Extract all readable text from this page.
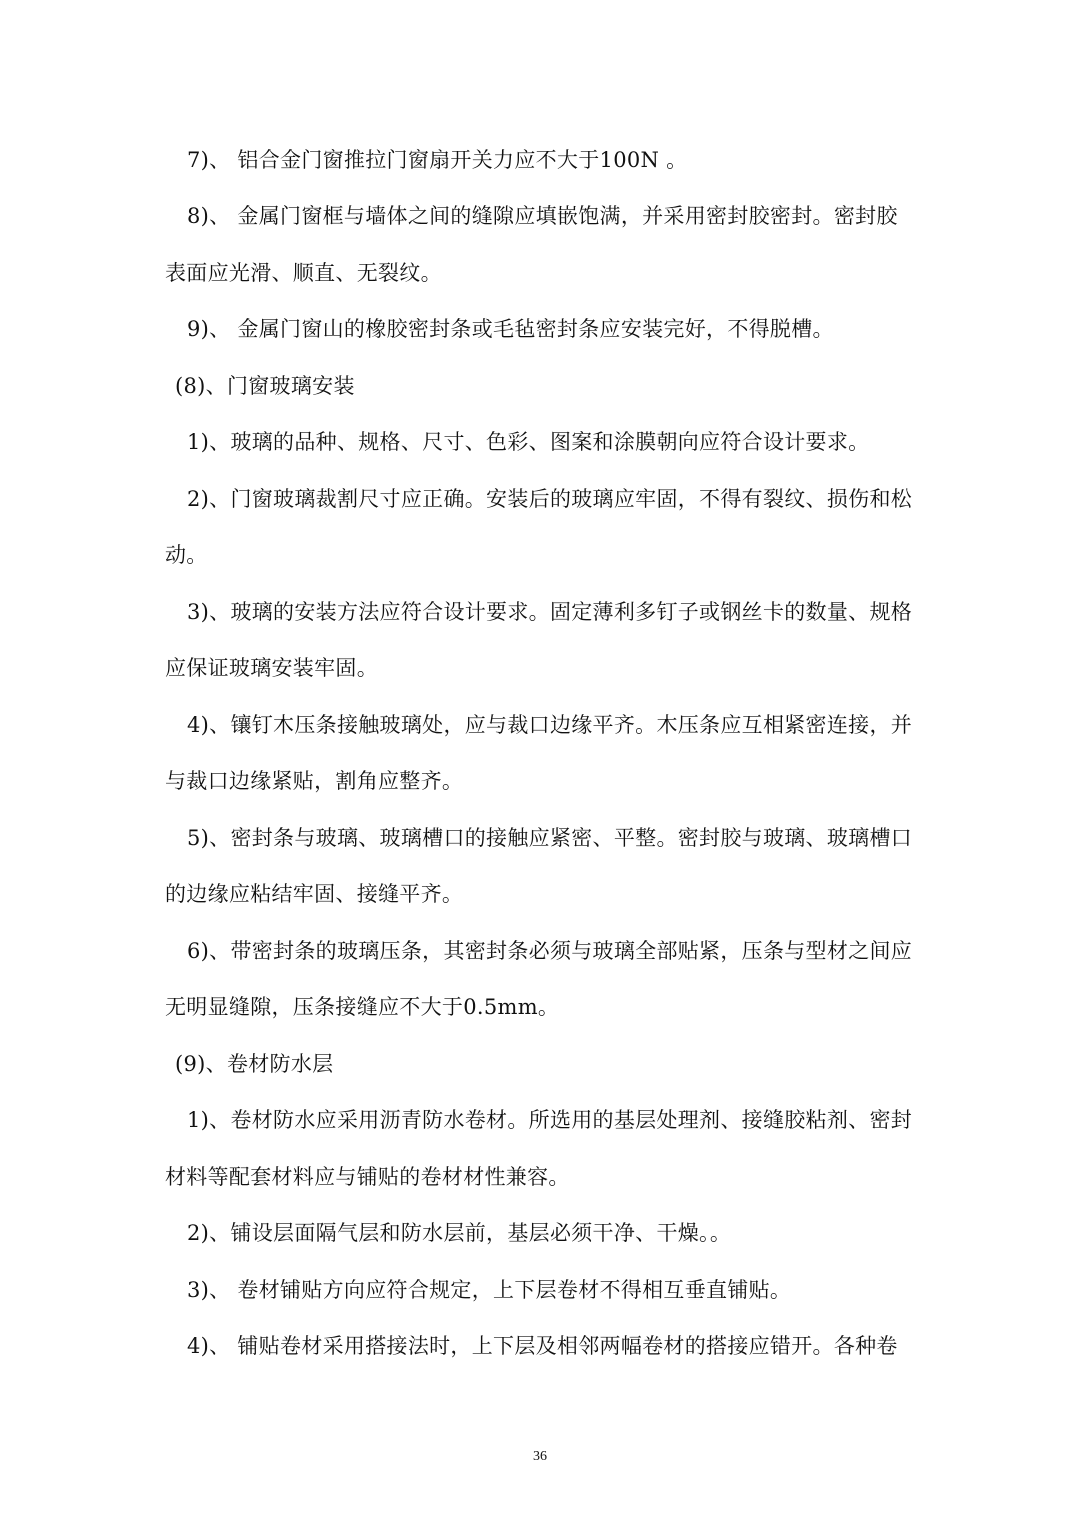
7)、 铝合金门窗推拉门窗扇开关力应不大于100N 。
8)、 金属门窗框与墙体之间的缝隙应填嵌饱满，并采用密封胶密封。密封胶
表面应光滑、顺直、无裂纹。
9)、 金属门窗山的橡胶密封条或毛毡密封条应安装完好，不得脱槽。
(8)、门窗玻璃安装
1)、玻璃的品种、规格、尺寸、色彩、图案和涂膜朝向应符合设计要求。
2)、门窗玻璃裁割尺寸应正确。安装后的玻璃应牢固，不得有裂纹、损伤和松
动。
3)、玻璃的安装方法应符合设计要求。固定薄利多钉子或钢丝卡的数量、规格
应保证玻璃安装牢固。
4)、镶钉木压条接触玻璃处，应与裁口边缘平齐。木压条应互相紧密连接，并
与裁口边缘紧贴，割角应整齐。
5)、密封条与玻璃、玻璃槽口的接触应紧密、平整。密封胶与玻璃、玻璃槽口
的边缘应粘结牢固、接缝平齐。
6)、带密封条的玻璃压条，其密封条必须与玻璃全部贴紧，压条与型材之间应
无明显缝隙，压条接缝应不大于0.5mm。
(9)、卷材防水层
1)、卷材防水应采用沥青防水卷材。所选用的基层处理剂、接缝胶粘剂、密封
材料等配套材料应与铺贴的卷材材性兼容。
2)、铺设层面隔气层和防水层前，基层必须干净、干燥。。
3)、 卷材铺贴方向应符合规定，上下层卷材不得相互垂直铺贴。
4)、 铺贴卷材采用搭接法时，上下层及相邻两幅卷材的搭接应错开。各种卷
36
